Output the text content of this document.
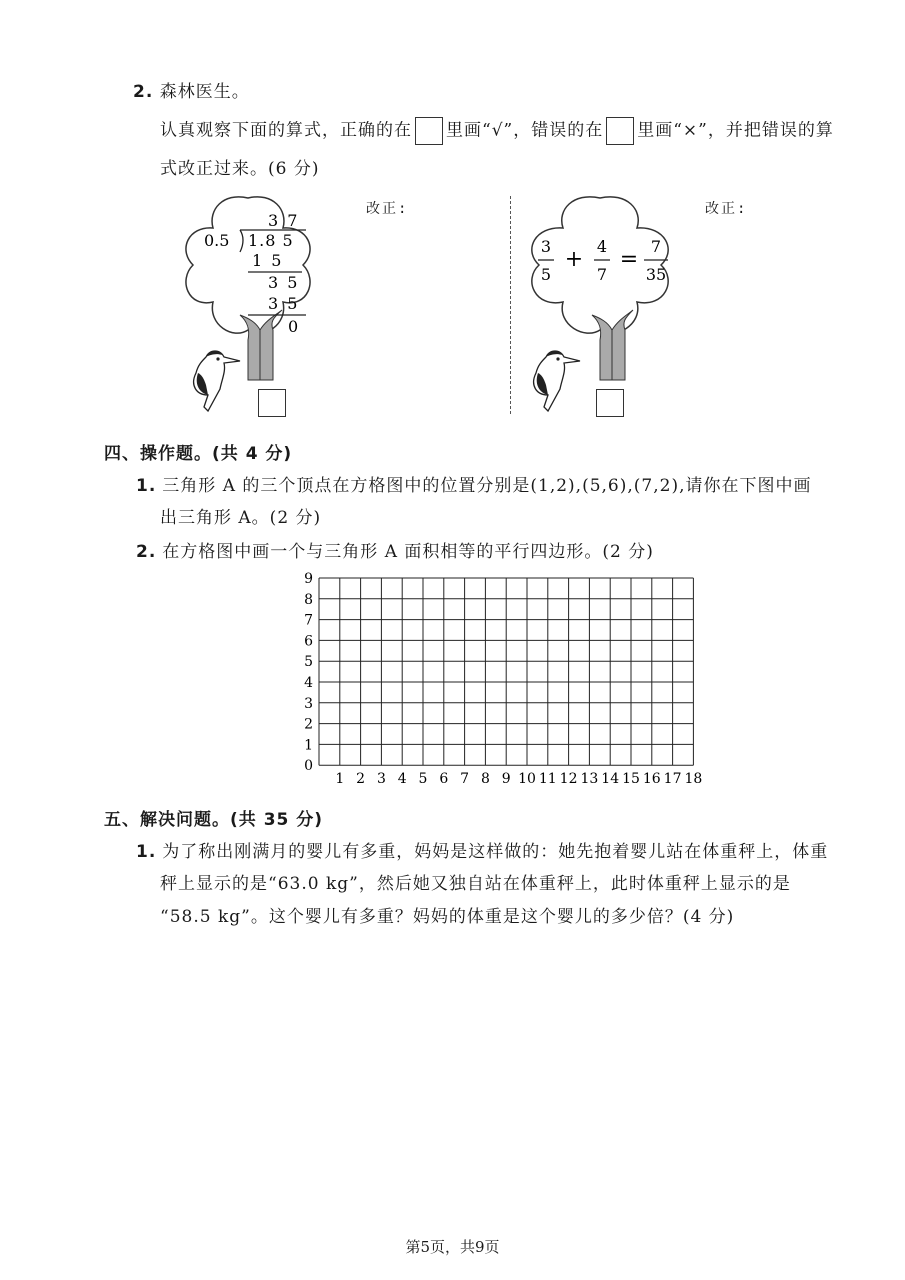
2. 森林医生。
认真观察下面的算式，正确的在 里画“√”，错误的在 里画“×”，并把错误的算
式改正过来。(6 分)
3 7
0.5 1.8 5
1 5
3 5
3 5
0
改正:
3
5
+
4
7
=
7
35
改正:
四、操作题。(共 4 分)
1. 三角形 A 的三个顶点在方格图中的位置分别是(1,2),(5,6),(7,2),请你在下图中画
出三角形 A。(2 分)
2. 在方格图中画一个与三角形 A 面积相等的平行四边形。(2 分)
0
1
2
3
4
5
6
7
8
9
1 2 3 4 5 6 7 8 9 10 11 12 13 14 15 16 17 18
五、解决问题。(共 35 分)
1. 为了称出刚满月的婴儿有多重，妈妈是这样做的：她先抱着婴儿站在体重秤上，体重
秤上显示的是“63.0 kg”，然后她又独自站在体重秤上，此时体重秤上显示的是
“58.5 kg”。这个婴儿有多重？妈妈的体重是这个婴儿的多少倍？(4 分)
第5页，共9页
